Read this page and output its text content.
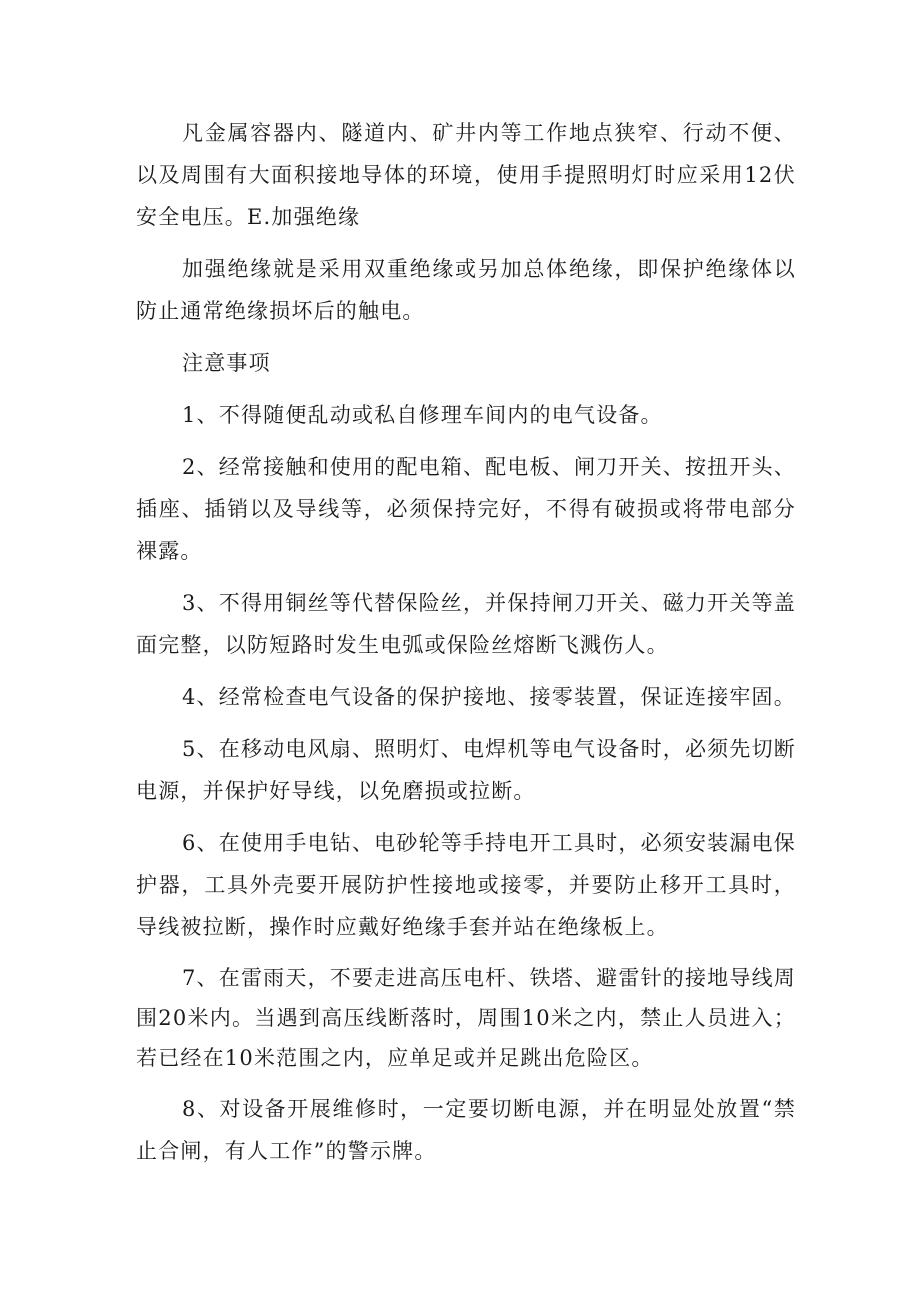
凡金属容器内、隧道内、矿井内等工作地点狭窄、行动不便、以及周围有大面积接地导体的环境，使用手提照明灯时应采用12伏安全电压。E.加强绝缘

加强绝缘就是采用双重绝缘或另加总体绝缘，即保护绝缘体以防止通常绝缘损坏后的触电。

注意事项

1、不得随便乱动或私自修理车间内的电气设备。

2、经常接触和使用的配电箱、配电板、闸刀开关、按扭开头、插座、插销以及导线等，必须保持完好，不得有破损或将带电部分裸露。

3、不得用铜丝等代替保险丝，并保持闸刀开关、磁力开关等盖面完整，以防短路时发生电弧或保险丝熔断飞溅伤人。

4、经常检查电气设备的保护接地、接零装置，保证连接牢固。

5、在移动电风扇、照明灯、电焊机等电气设备时，必须先切断电源，并保护好导线，以免磨损或拉断。

6、在使用手电钻、电砂轮等手持电开工具时，必须安装漏电保护器，工具外壳要开展防护性接地或接零，并要防止移开工具时，导线被拉断，操作时应戴好绝缘手套并站在绝缘板上。

7、在雷雨天，不要走进高压电杆、铁塔、避雷针的接地导线周围20米内。当遇到高压线断落时，周围10米之内，禁止人员进入；若已经在10米范围之内，应单足或并足跳出危险区。

8、对设备开展维修时，一定要切断电源，并在明显处放置“禁止合闸，有人工作”的警示牌。
